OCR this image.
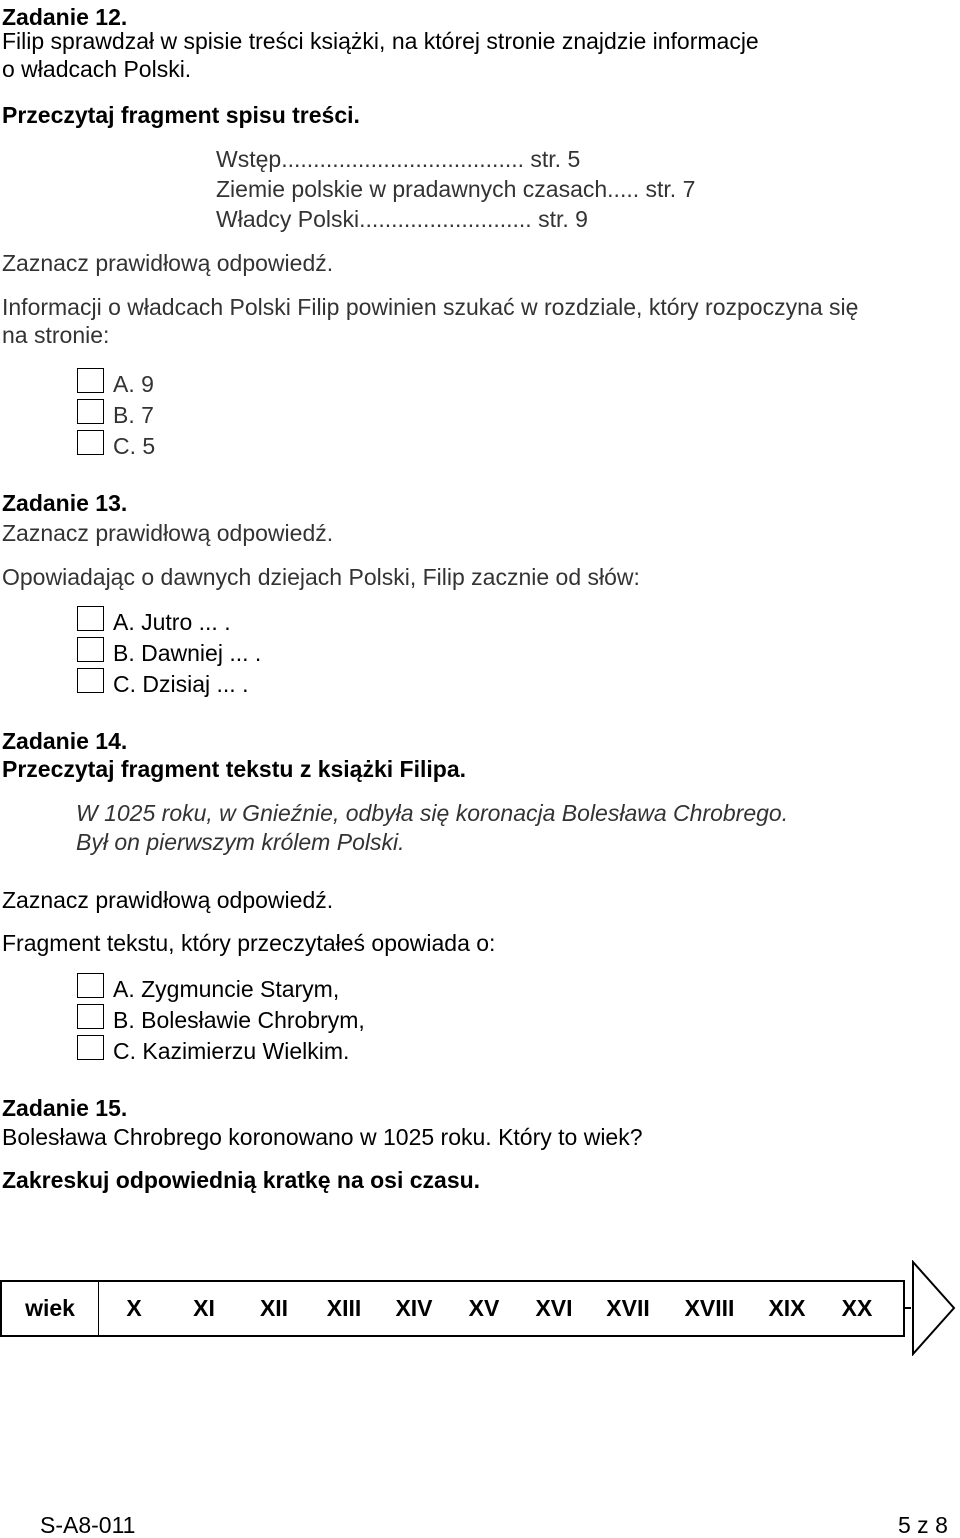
Zadanie 12.
Filip sprawdzał w spisie treści książki, na której stronie znajdzie informacje
o władcach Polski.
Przeczytaj fragment spisu treści.
Wstęp...................................... str. 5
Ziemie polskie w pradawnych czasach..... str. 7
Władcy Polski........................... str. 9
Zaznacz prawidłową odpowiedź.
Informacji o władcach Polski Filip powinien szukać w rozdziale, który rozpoczyna się
na stronie:
A. 9
B. 7
C. 5
Zadanie 13.
Zaznacz prawidłową odpowiedź.
Opowiadając o dawnych dziejach Polski, Filip zacznie od słów:
A. Jutro ... .
B. Dawniej ... .
C. Dzisiaj ... .
Zadanie 14.
Przeczytaj fragment tekstu z książki Filipa.
W 1025 roku, w Gnieźnie, odbyła się koronacja Bolesława Chrobrego.
Był on pierwszym królem Polski.
Zaznacz prawidłową odpowiedź.
Fragment tekstu, który przeczytałeś opowiada o:
A. Zygmuncie Starym,
B. Bolesławie Chrobrym,
C. Kazimierzu Wielkim.
Zadanie 15.
Bolesława Chrobrego koronowano w 1025 roku. Który to wiek?
Zakreskuj odpowiednią kratkę na osi czasu.
wiek	X	XI	XII	XIII	XIV	XV	XVI	XVII	XVIII	XIX	XX
S-A8-011	5 z 8
